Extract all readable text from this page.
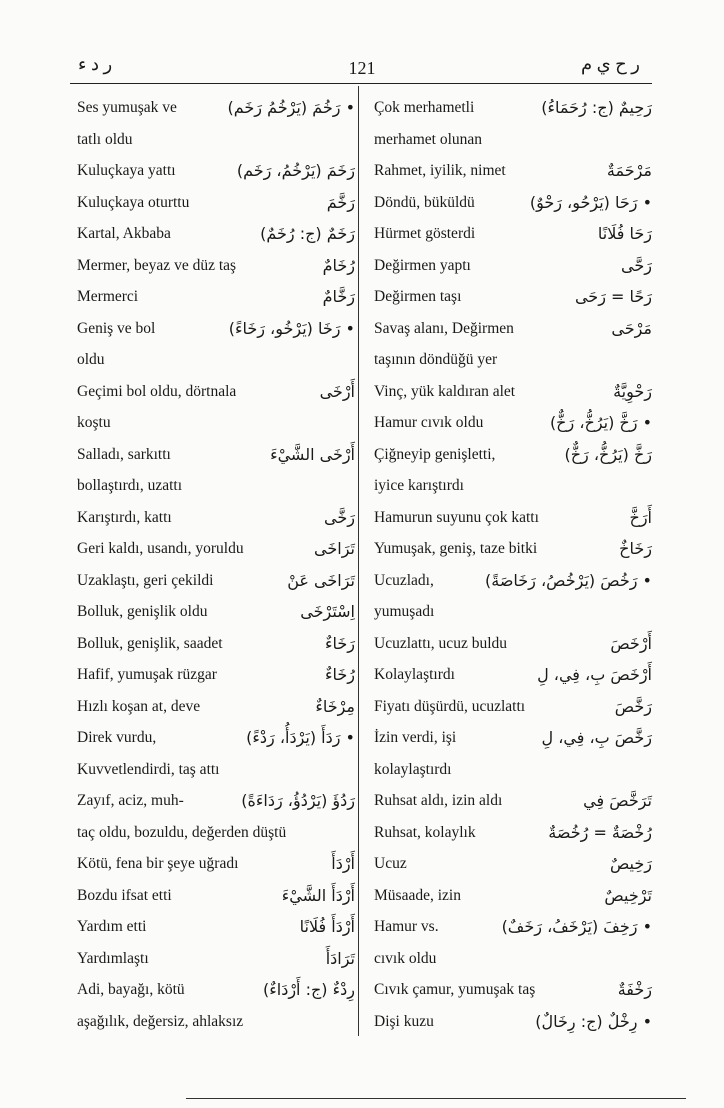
ر د ء	121	ر ح ي م
Ses yumuşak ve	• رَخُمَ (يَرْخُمُ رَخَم)
tatlı oldu
Kuluçkaya yattı	رَخَمَ (يَرْخُمُ، رَخَم)
Kuluçkaya oturttu	رَخَّمَ
Kartal, Akbaba	رَخَمٌ (ج: رُخَمٌ)
Mermer, beyaz ve düz taş	رُخَامٌ
Mermerci	رَخَّامٌ
Geniş ve bol	• رَخَا (يَرْخُو، رَخَاءً)
oldu
Geçimi bol oldu, dörtnala	أَرْخَى
koştu
Salladı, sarkıttı	أَرْخَى الشَّيْءَ
bollaştırdı, uzattı
Karıştırdı, kattı	رَخَّى
Geri kaldı, usandı, yoruldu	تَرَاخَى
Uzaklaştı, geri çekildi	تَرَاخَى عَنْ
Bolluk, genişlik oldu	اِسْتَرْخَى
Bolluk, genişlik, saadet	رَخَاءٌ
Hafif, yumuşak rüzgar	رُخَاءٌ
Hızlı koşan at, deve	مِرْخَاءٌ
Direk vurdu,	• رَدَأَ (يَرْدَأُ، رَدْءً)
Kuvvetlendirdi, taş attı
Zayıf, aciz, muh-	رَدُؤَ (يَرْدُؤُ، رَدَاءَةً)
taç oldu, bozuldu, değerden düştü
Kötü, fena bir şeye uğradı	أَرْدَأَ
Bozdu ifsat etti	أَرْدَأَ الشَّيْءَ
Yardım etti	أَرْدَأَ فُلَانًا
Yardımlaştı	تَرَادَأَ
Adi, bayağı, kötü	رِدْءٌ (ج: أَرْدَاءٌ)
aşağılık, değersiz, ahlaksız
Çok merhametli	رَحِيمٌ (ج: رُحَمَاءُ)
merhamet olunan
Rahmet, iyilik, nimet	مَرْحَمَةٌ
Döndü, büküldü	• رَحَا (يَرْحُو، رَحْوٌ)
Hürmet gösterdi	رَحَا فُلَانًا
Değirmen yaptı	رَحَّى
Değirmen taşı	رَحًا = رَحَى
Savaş alanı, Değirmen	مَرْحَى
taşının döndüğü yer
Vinç, yük kaldıran alet	رَحْوِيَّةٌ
Hamur cıvık oldu	• رَخَّ (يَرُخُّ، رَخٌّ)
Çiğneyip genişletti,	رَخَّ (يَرُخُّ، رَخٌّ)
iyice karıştırdı
Hamurun suyunu çok kattı	أَرَخَّ
Yumuşak, geniş, taze bitki	رَخَاخٌ
Ucuzladı,	• رَخُصَ (يَرْخُصُ، رَخَاصَةً)
yumuşadı
Ucuzlattı, ucuz buldu	أَرْخَصَ
Kolaylaştırdı	أَرْخَصَ بِ، فِي، لِ
Fiyatı düşürdü, ucuzlattı	رَخَّصَ
İzin verdi, işi	رَخَّصَ بِ، فِي، لِ
kolaylaştırdı
Ruhsat aldı, izin aldı	تَرَخَّصَ فِي
Ruhsat, kolaylık	رُخْصَةٌ = رُخُصَةٌ
Ucuz	رَخِيصٌ
Müsaade, izin	تَرْخِيصٌ
Hamur vs.	• رَخِفَ (يَرْخَفُ، رَخَفٌ)
cıvık oldu
Cıvık çamur, yumuşak taş	رَخْفَةٌ
Dişi kuzu	• رِخْلٌ (ج: رِخَالٌ)
